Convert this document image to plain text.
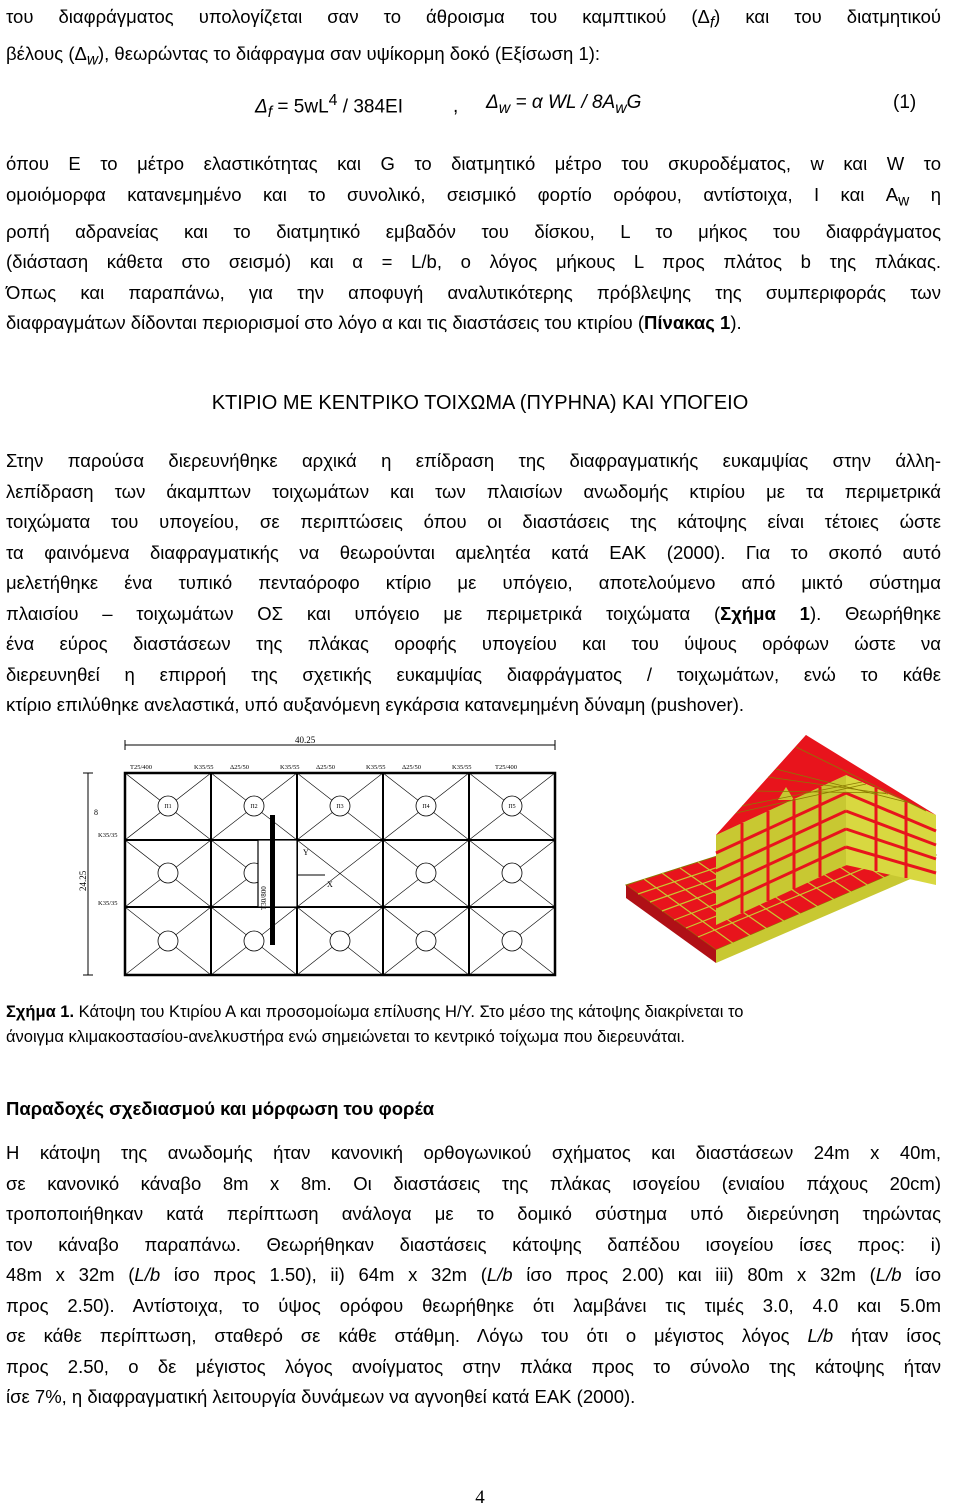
του διαφράγματος υπολογίζεται σαν το άθροισμα του καμπτικού $(\Delta_f)$ και του διατμητικού
βέλους $(\Delta_w)$, θεωρώντας το διάφραγμα σαν υψίκορμη δοκό (Εξίσωση 1):

$\Delta_f = 5wL^4 / 384EI$	, $\Delta_w = \alpha$ WL / $8A_wG$	(1)

όπου E το μέτρο ελαστικότητας και G το διατμητικό μέτρο του σκυροδέματος, w και W το
ομοιόμορφα κατανεμημένο και το συνολικό, σεισμικό φορτίο ορόφου, αντίστοιχα, I και $A_w$ η
ροπή αδρανείας και το διατμητικό εμβαδόν του δίσκου, L το μήκος του διαφράγματος
(διάσταση κάθετα στο σεισμό) και α = L/b, ο λόγος μήκους L προς πλάτος b της πλάκας.
Όπως και παραπάνω, για την αποφυγή αναλυτικότερης πρόβλεψης της συμπεριφοράς των
διαφραγμάτων δίδονται περιορισμοί στο λόγο α και τις διαστάσεις του κτιρίου (Πίνακας 1).

ΚΤΙΡΙΟ ΜΕ ΚΕΝΤΡΙΚΟ ΤΟΙΧΩΜΑ (ΠΥΡΗΝΑ) ΚΑΙ ΥΠΟΓΕΙΟ

Στην παρούσα διερευνήθηκε αρχικά η επίδραση της διαφραγματικής ευκαμψίας στην άλλη-
λεπίδραση των άκαμπτων τοιχωμάτων και των πλαισίων ανωδομής κτιρίου με τα περιμετρικά
τοιχώματα του υπογείου, σε περιπτώσεις όπου οι διαστάσεις της κάτοψης είναι τέτοιες ώστε
τα φαινόμενα διαφραγματικής να θεωρούνται αμελητέα κατά ΕΑΚ (2000). Για το σκοπό αυτό
μελετήθηκε ένα τυπικό πενταόροφο κτίριο με υπόγειο, αποτελούμενο από μικτό σύστημα
πλαισίου – τοιχωμάτων ΟΣ και υπόγειο με περιμετρικά τοιχώματα (Σχήμα 1). Θεωρήθηκε
ένα εύρος διαστάσεων της πλάκας οροφής υπογείου και του ύψους ορόφων ώστε να
διερευνηθεί η επιρροή της σχετικής ευκαμψίας διαφράγματος / τοιχωμάτων, ενώ το κάθε
κτίριο επιλύθηκε ανελαστικά, υπό αυξανόμενη εγκάρσια κατανεμημένη δύναμη (pushover).

40.25
24.25
8
Π1	Π2	Π3	Π4	Π5
T25/400	K35/55	Δ25/50	K35/55	Δ25/50	K35/55	Δ25/50	K35/55	T25/400
K35/35
K35/35	T30/800
X
Y

Σχήμα 1. Κάτοψη του Κτιρίου Α και προσομοίωμα επίλυσης Η/Υ. Στο μέσο της κάτοψης διακρίνεται το
άνοιγμα κλιμακοστασίου-ανελκυστήρα ενώ σημειώνεται το κεντρικό τοίχωμα που διερευνάται.

Παραδοχές σχεδιασμού και μόρφωση του φορέα

Η κάτοψη της ανωδομής ήταν κανονική ορθογωνικού σχήματος και διαστάσεων 24m x 40m,
σε κανονικό κάναβο 8m x 8m. Οι διαστάσεις της πλάκας ισογείου (ενιαίου πάχους 20cm)
τροποποιήθηκαν κατά περίπτωση ανάλογα με το δομικό σύστημα υπό διερεύνηση τηρώντας
τον κάναβο παραπάνω. Θεωρήθηκαν διαστάσεις κάτοψης δαπέδου ισογείου ίσες προς: i)
48m x 32m (L/b ίσο προς 1.50), ii) 64m x 32m (L/b ίσο προς 2.00) και iii) 80m x 32m (L/b ίσο
προς 2.50). Αντίστοιχα, το ύψος ορόφου θεωρήθηκε ότι λαμβάνει τις τιμές 3.0, 4.0 και 5.0m
σε κάθε περίπτωση, σταθερό σε κάθε στάθμη. Λόγω του ότι ο μέγιστος λόγος L/b ήταν ίσος
προς 2.50, ο δε μέγιστος λόγος ανοίγματος στην πλάκα προς το σύνολο της κάτοψης ήταν
ίσε 7%, η διαφραγματική λειτουργία δυνάμεων να αγνοηθεί κατά ΕΑΚ (2000).

4
